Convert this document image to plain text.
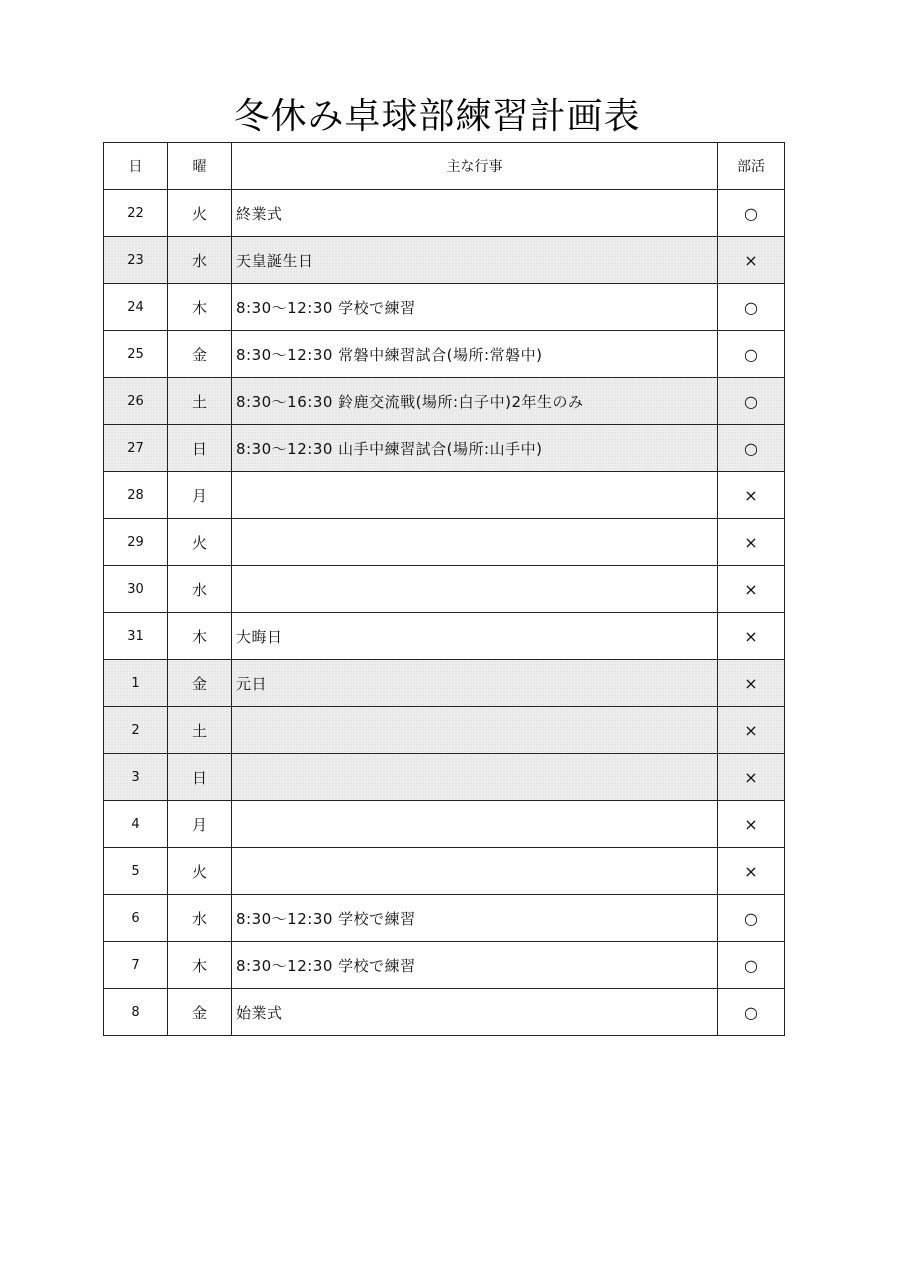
冬休み卓球部練習計画表
日	曜	主な行事	部活
22	火	終業式	○
23	水	天皇誕生日	×
24	木	8:30～12:30 学校で練習	○
25	金	8:30～12:30 常磐中練習試合(場所:常磐中)	○
26	土	8:30～16:30 鈴鹿交流戦(場所:白子中)2年生のみ	○
27	日	8:30～12:30 山手中練習試合(場所:山手中)	○
28	月		×
29	火		×
30	水		×
31	木	大晦日	×
1	金	元日	×
2	土		×
3	日		×
4	月		×
5	火		×
6	水	8:30～12:30 学校で練習	○
7	木	8:30～12:30 学校で練習	○
8	金	始業式	○
